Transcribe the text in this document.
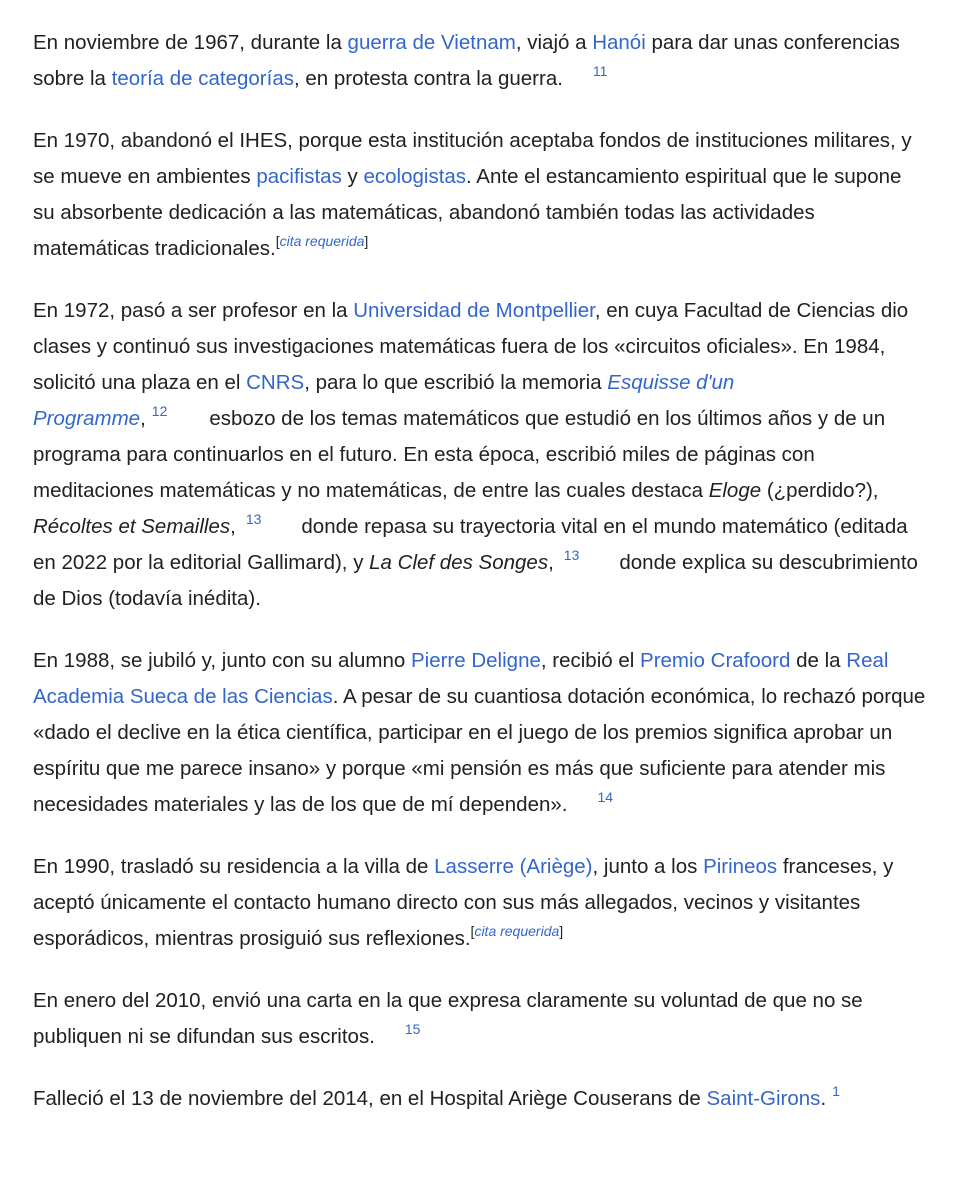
En noviembre de 1967, durante la guerra de Vietnam, viajó a Hanói para dar unas conferencias sobre la teoría de categorías, en protesta contra la guerra. $^{11}$

En 1970, abandonó el IHES, porque esta institución aceptaba fondos de instituciones militares, y se mueve en ambientes pacifistas y ecologistas. Ante el estancamiento espiritual que le supone su absorbente dedicación a las matemáticas, abandonó también todas las actividades matemáticas tradicionales.[cita requerida]

En 1972, pasó a ser profesor en la Universidad de Montpellier, en cuya Facultad de Ciencias dio clases y continuó sus investigaciones matemáticas fuera de los «circuitos oficiales». En 1984, solicitó una plaza en el CNRS, para lo que escribió la memoria Esquisse d'un Programme, $^{12}$ esbozo de los temas matemáticos que estudió en los últimos años y de un programa para continuarlos en el futuro. En esta época, escribió miles de páginas con meditaciones matemáticas y no matemáticas, de entre las cuales destaca Eloge (¿perdido?), Récoltes et Semailles, $^{13}$ donde repasa su trayectoria vital en el mundo matemático (editada en 2022 por la editorial Gallimard), y La Clef des Songes, $^{13}$ donde explica su descubrimiento de Dios (todavía inédita).

En 1988, se jubiló y, junto con su alumno Pierre Deligne, recibió el Premio Crafoord de la Real Academia Sueca de las Ciencias. A pesar de su cuantiosa dotación económica, lo rechazó porque «dado el declive en la ética científica, participar en el juego de los premios significa aprobar un espíritu que me parece insano» y porque «mi pensión es más que suficiente para atender mis necesidades materiales y las de los que de mí dependen». $^{14}$

En 1990, trasladó su residencia a la villa de Lasserre (Ariège), junto a los Pirineos franceses, y aceptó únicamente el contacto humano directo con sus más allegados, vecinos y visitantes esporádicos, mientras prosiguió sus reflexiones.[cita requerida]

En enero del 2010, envió una carta en la que expresa claramente su voluntad de que no se publiquen ni se difundan sus escritos. $^{15}$

Falleció el 13 de noviembre del 2014, en el Hospital Ariège Couserans de Saint-Girons. $^1$
